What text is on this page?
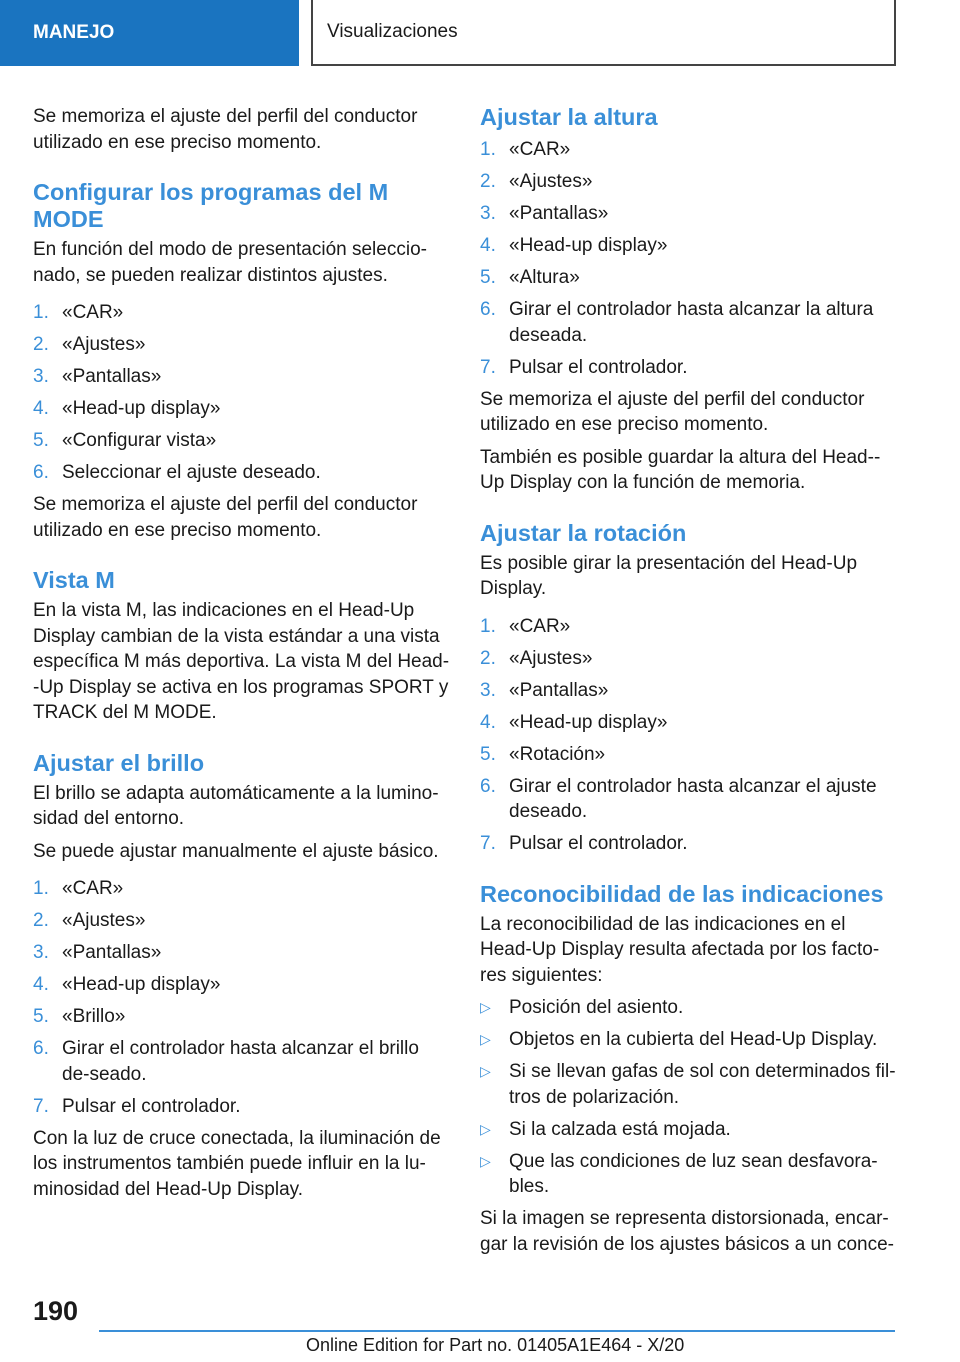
MANEJO	Visualizaciones

Se memoriza el ajuste del perfil del conductor utilizado en ese preciso momento.

Configurar los programas del M MODE

En función del modo de presentación seleccio-nado, se pueden realizar distintos ajustes.

1. «CAR»
2. «Ajustes»
3. «Pantallas»
4. «Head-up display»
5. «Configurar vista»
6. Seleccionar el ajuste deseado.

Se memoriza el ajuste del perfil del conductor utilizado en ese preciso momento.

Vista M

En la vista M, las indicaciones en el Head-Up Display cambian de la vista estándar a una vista específica M más deportiva. La vista M del Head--Up Display se activa en los programas SPORT y TRACK del M MODE.

Ajustar el brillo

El brillo se adapta automáticamente a la lumino-sidad del entorno.

Se puede ajustar manualmente el ajuste básico.

1. «CAR»
2. «Ajustes»
3. «Pantallas»
4. «Head-up display»
5. «Brillo»
6. Girar el controlador hasta alcanzar el brillo de-seado.
7. Pulsar el controlador.

Con la luz de cruce conectada, la iluminación de los instrumentos también puede influir en la lu-minosidad del Head-Up Display.

Ajustar la altura
1. «CAR»
2. «Ajustes»
3. «Pantallas»
4. «Head-up display»
5. «Altura»
6. Girar el controlador hasta alcanzar la altura deseada.
7. Pulsar el controlador.

Se memoriza el ajuste del perfil del conductor utilizado en ese preciso momento.

También es posible guardar la altura del Head--Up Display con la función de memoria.

Ajustar la rotación

Es posible girar la presentación del Head-Up Display.

1. «CAR»
2. «Ajustes»
3. «Pantallas»
4. «Head-up display»
5. «Rotación»
6. Girar el controlador hasta alcanzar el ajuste deseado.
7. Pulsar el controlador.
Reconocibilidad de las indicaciones

La reconocibilidad de las indicaciones en el Head-Up Display resulta afectada por los facto-res siguientes:

▷ Posición del asiento.
▷ Objetos en la cubierta del Head-Up Display.
▷ Si se llevan gafas de sol con determinados fil-tros de polarización.
▷ Si la calzada está mojada.
▷ Que las condiciones de luz sean desfavora-bles.

Si la imagen se representa distorsionada, encar-gar la revisión de los ajustes básicos a un conce-

190
Online Edition for Part no. 01405A1E464 - X/20
